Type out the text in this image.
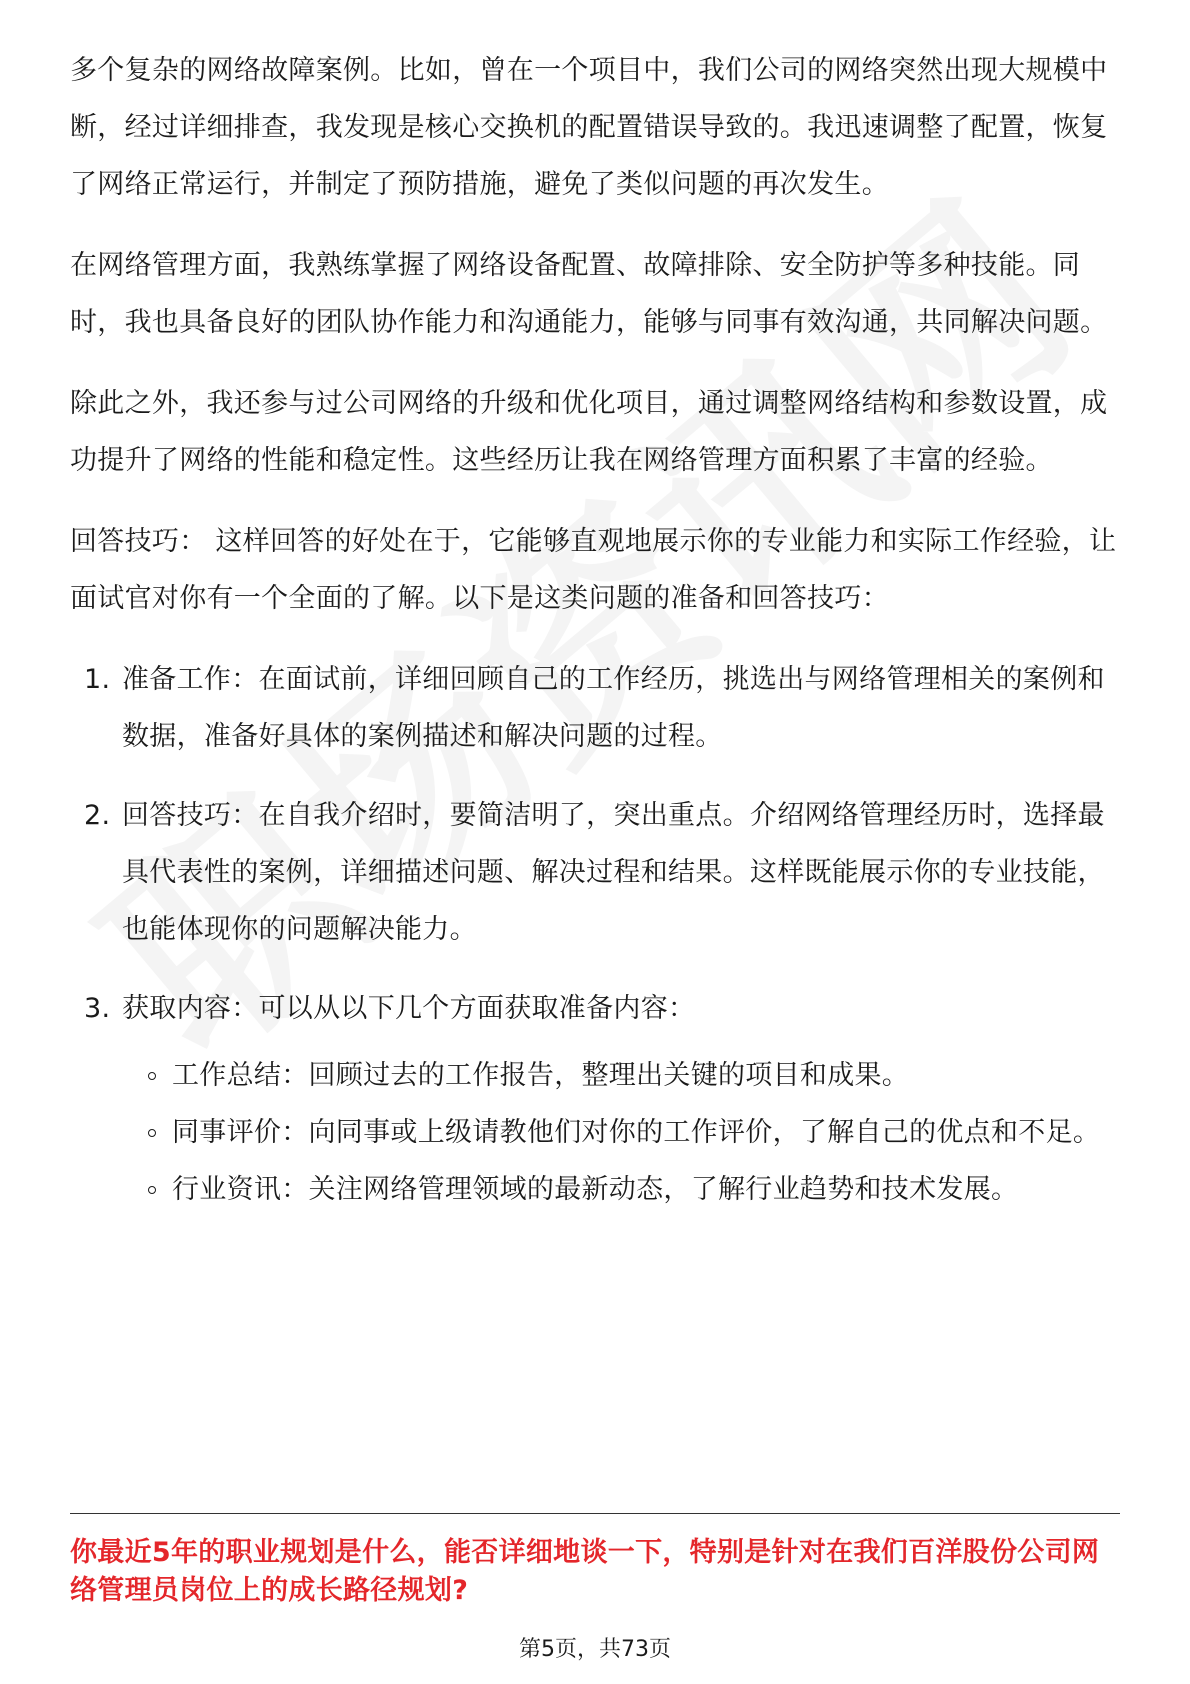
多个复杂的网络故障案例。比如，曾在一个项目中，我们公司的网络突然出现大规模中断，经过详细排查，我发现是核心交换机的配置错误导致的。我迅速调整了配置，恢复了网络正常运行，并制定了预防措施，避免了类似问题的再次发生。

在网络管理方面，我熟练掌握了网络设备配置、故障排除、安全防护等多种技能。同时，我也具备良好的团队协作能力和沟通能力，能够与同事有效沟通，共同解决问题。

除此之外，我还参与过公司网络的升级和优化项目，通过调整网络结构和参数设置，成功提升了网络的性能和稳定性。这些经历让我在网络管理方面积累了丰富的经验。

回答技巧： 这样回答的好处在于，它能够直观地展示你的专业能力和实际工作经验，让面试官对你有一个全面的了解。以下是这类问题的准备和回答技巧：

1. 准备工作：在面试前，详细回顾自己的工作经历，挑选出与网络管理相关的案例和数据，准备好具体的案例描述和解决问题的过程。
2. 回答技巧：在自我介绍时，要简洁明了，突出重点。介绍网络管理经历时，选择最具代表性的案例，详细描述问题、解决过程和结果。这样既能展示你的专业技能，也能体现你的问题解决能力。
3. 获取内容：可以从以下几个方面获取准备内容：
工作总结：回顾过去的工作报告，整理出关键的项目和成果。
同事评价：向同事或上级请教他们对你的工作评价，了解自己的优点和不足。
行业资讯：关注网络管理领域的最新动态，了解行业趋势和技术发展。
你最近5年的职业规划是什么，能否详细地谈一下，特别是针对在我们百洋股份公司网络管理员岗位上的成长路径规划?
第5页，共73页
